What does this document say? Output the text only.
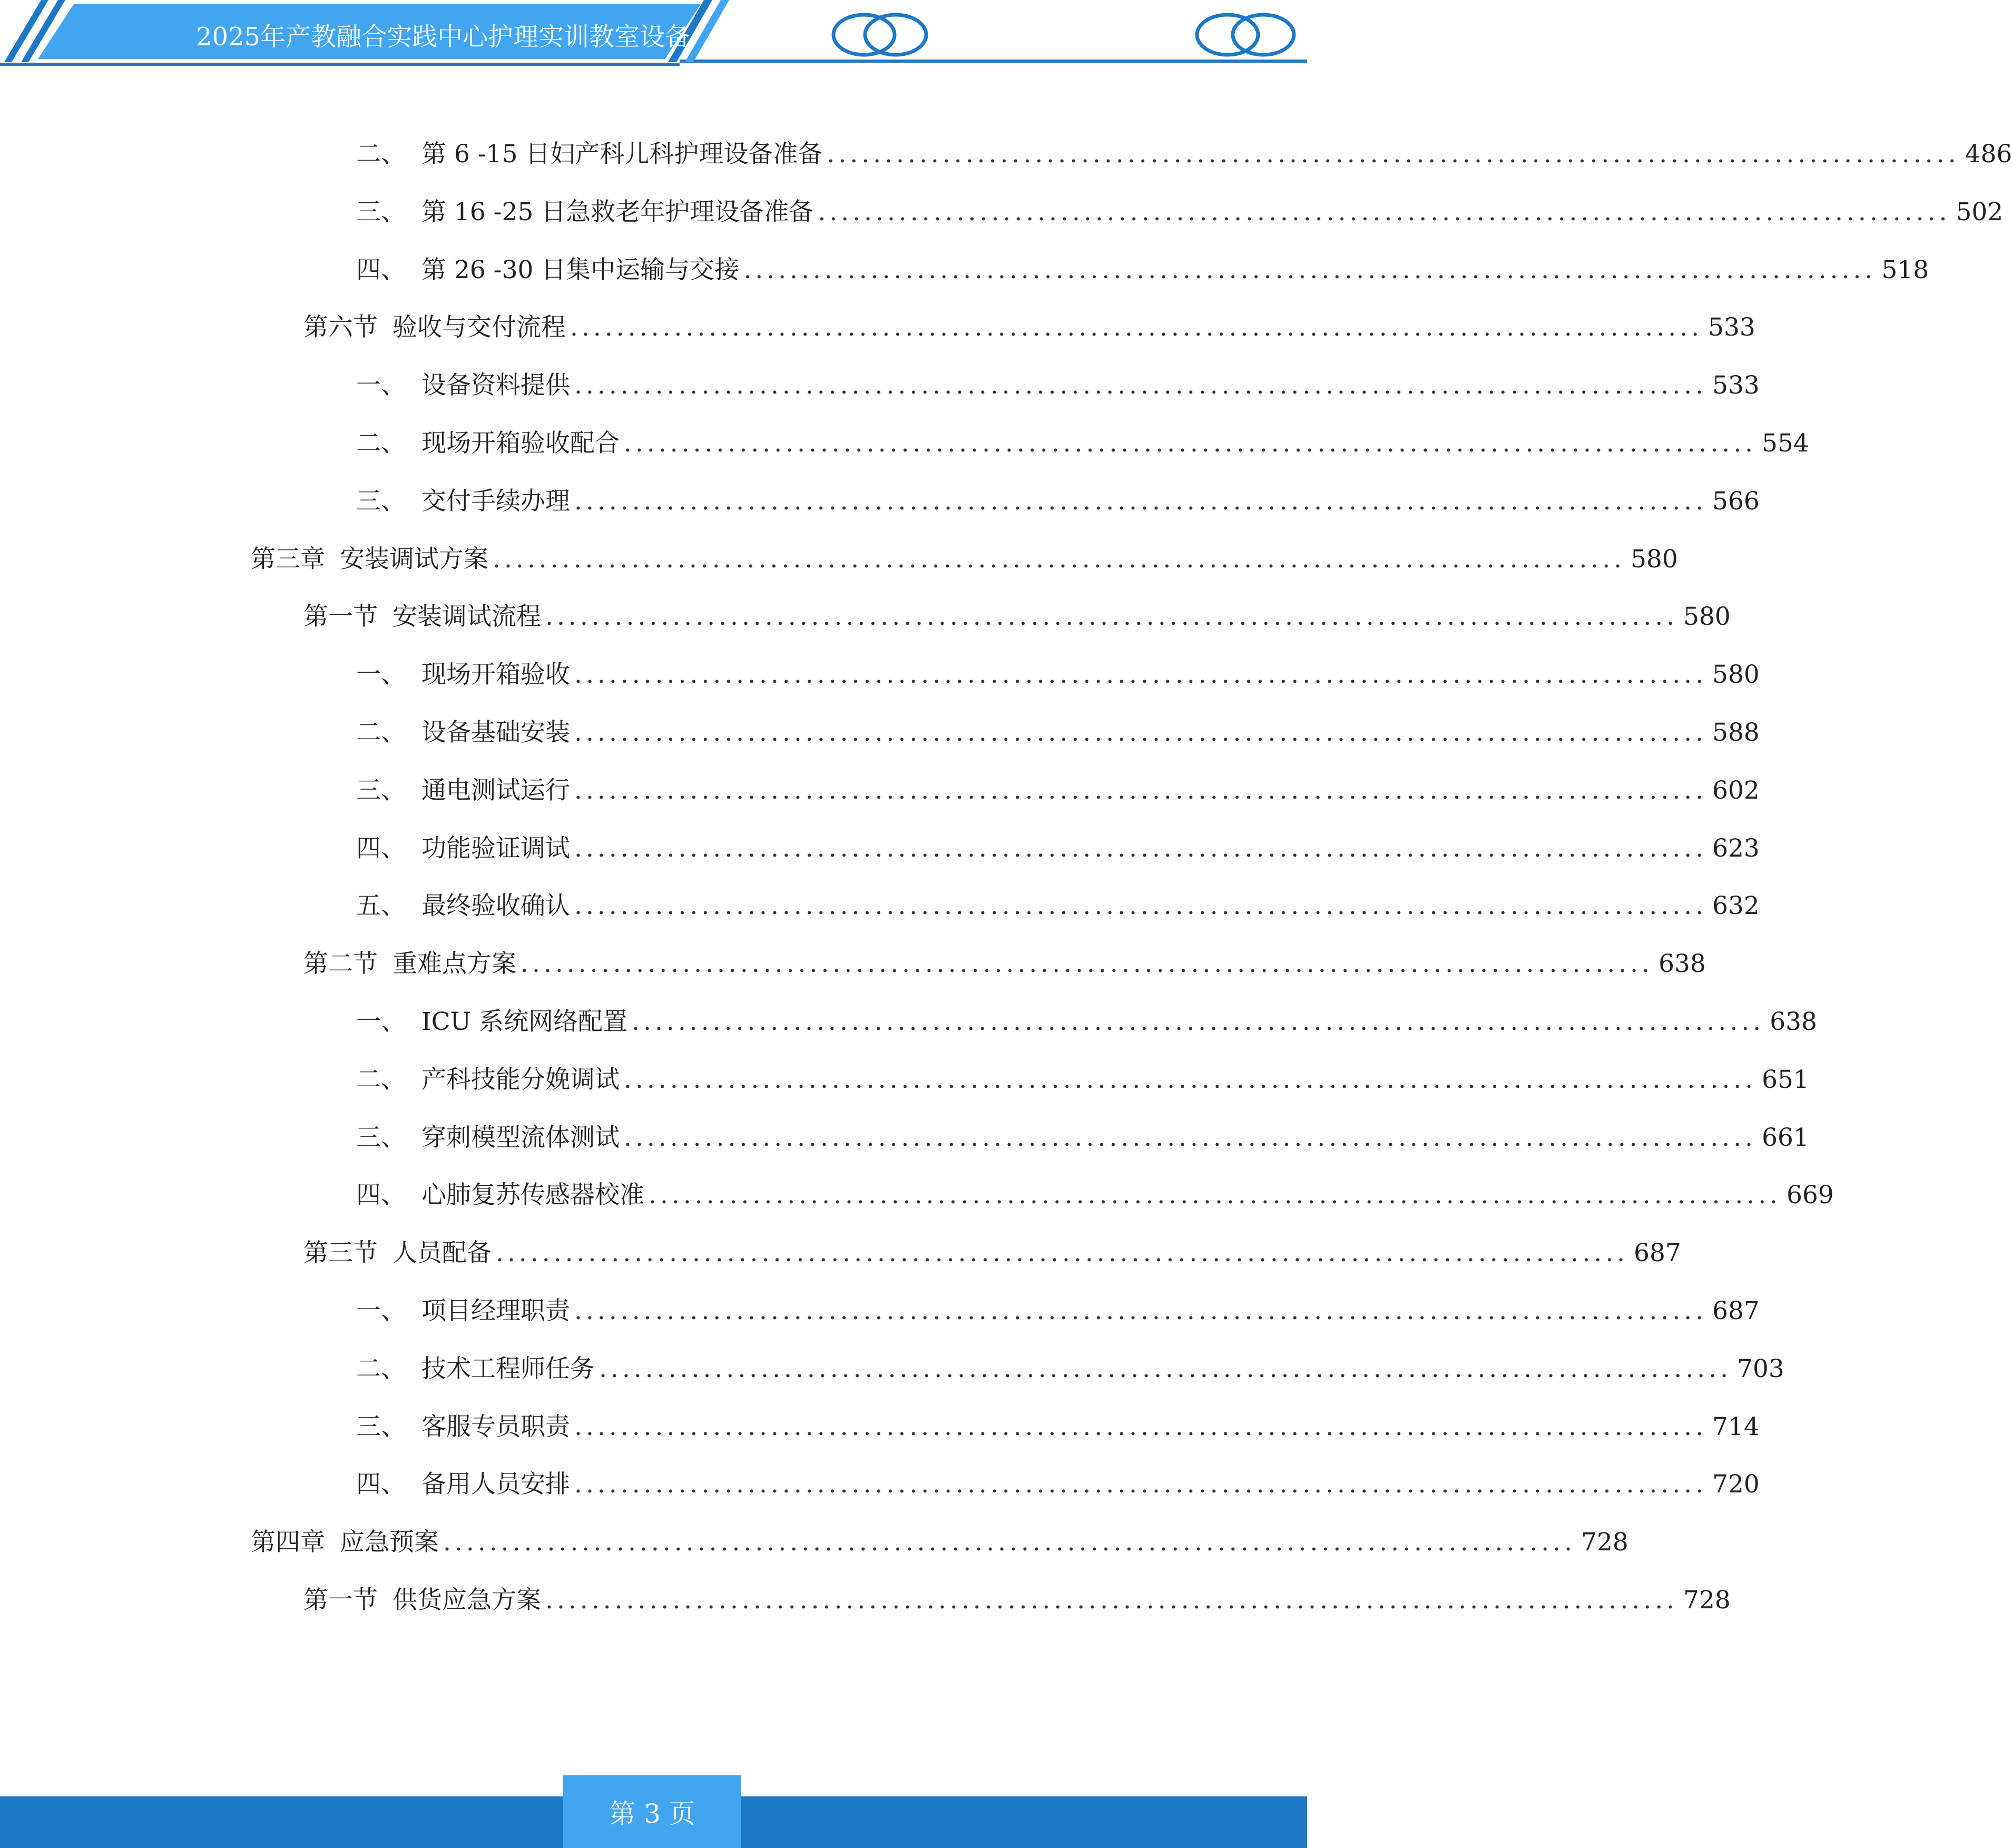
2025年产教融合实践中心护理实训教室设备
二、 第 6 -15 日妇产科儿科护理设备准备 .................................................................................................. 486
三、 第 16 -25 日急救老年护理设备准备 .................................................................................................. 502
四、 第 26 -30 日集中运输与交接 .................................................................................................. 518
第六节 验收与交付流程 .................................................................................................. 533
一、 设备资料提供 .................................................................................................. 533
二、 现场开箱验收配合 .................................................................................................. 554
三、 交付手续办理 .................................................................................................. 566
第三章 安装调试方案 .................................................................................................. 580
第一节 安装调试流程 .................................................................................................. 580
一、 现场开箱验收 .................................................................................................. 580
二、 设备基础安装 .................................................................................................. 588
三、 通电测试运行 .................................................................................................. 602
四、 功能验证调试 .................................................................................................. 623
五、 最终验收确认 .................................................................................................. 632
第二节 重难点方案 .................................................................................................. 638
一、 ICU 系统网络配置 .................................................................................................. 638
二、 产科技能分娩调试 .................................................................................................. 651
三、 穿刺模型流体测试 .................................................................................................. 661
四、 心肺复苏传感器校准 .................................................................................................. 669
第三节 人员配备 .................................................................................................. 687
一、 项目经理职责 .................................................................................................. 687
二、 技术工程师任务 .................................................................................................. 703
三、 客服专员职责 .................................................................................................. 714
四、 备用人员安排 .................................................................................................. 720
第四章 应急预案 .................................................................................................. 728
第一节 供货应急方案 .................................................................................................. 728
第 3 页
